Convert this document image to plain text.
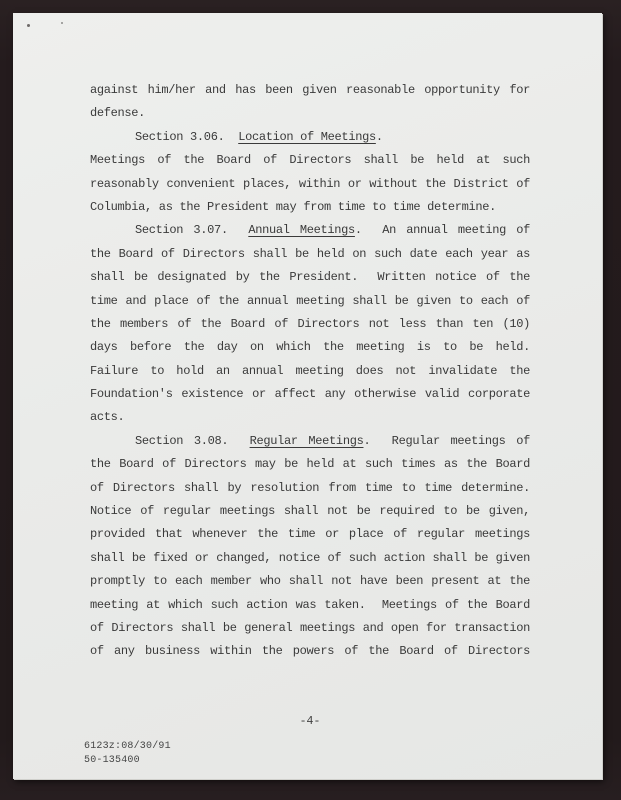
against him/her and has been given reasonable opportunity for
defense.
Section 3.06.  Location of Meetings.
Meetings of the Board of Directors shall be held at such
reasonably convenient places, within or without the District of
Columbia, as the President may from time to time determine.
Section 3.07.  Annual Meetings.  An annual meeting of
the Board of Directors shall be held on such date each year as
shall be designated by the President.  Written notice of the
time and place of the annual meeting shall be given to each of
the members of the Board of Directors not less than ten (10)
days before the day on which the meeting is to be held.
Failure to hold an annual meeting does not invalidate the
Foundation's existence or affect any otherwise valid corporate
acts.
Section 3.08.  Regular Meetings.  Regular meetings of
the Board of Directors may be held at such times as the Board
of Directors shall by resolution from time to time determine.
Notice of regular meetings shall not be required to be given,
provided that whenever the time or place of regular meetings
shall be fixed or changed, notice of such action shall be given
promptly to each member who shall not have been present at the
meeting at which such action was taken.  Meetings of the Board
of Directors shall be general meetings and open for transaction
of any business within the powers of the Board of Directors
-4-
6123z:08/30/91
50-135400
